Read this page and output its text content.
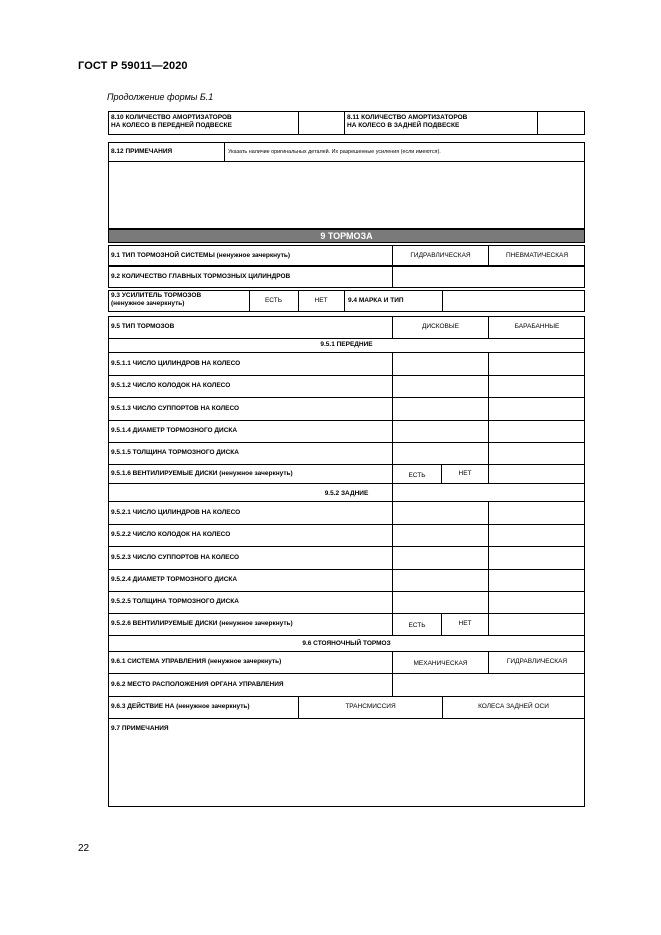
ГОСТ Р 59011—2020
Продолжение формы Б.1
8.10 КОЛИЧЕСТВО АМОРТИЗАТОРОВ
НА КОЛЕСО В ПЕРЕДНЕЙ ПОДВЕСКЕ
8.11 КОЛИЧЕСТВО АМОРТИЗАТОРОВ
НА КОЛЕСО В ЗАДНЕЙ ПОДВЕСКЕ
8.12 ПРИМЕЧАНИЯ	Указать наличие оригинальных деталей. Их разрешенные усиления (если имеются).
9 ТОРМОЗА
9.1 ТИП ТОРМОЗНОЙ СИСТЕМЫ (ненужное зачеркнуть)	ГИДРАВЛИЧЕСКАЯ	ПНЕВМАТИЧЕСКАЯ
9.2 КОЛИЧЕСТВО ГЛАВНЫХ ТОРМОЗНЫХ ЦИЛИНДРОВ
9.3 УСИЛИТЕЛЬ ТОРМОЗОВ
(ненужное зачеркнуть)	ЕСТЬ	НЕТ	9.4 МАРКА И ТИП
9.5 ТИП ТОРМОЗОВ	ДИСКОВЫЕ	БАРАБАННЫЕ
9.5.1 ПЕРЕДНИЕ
9.5.1.1 ЧИСЛО ЦИЛИНДРОВ НА КОЛЕСО
9.5.1.2 ЧИСЛО КОЛОДОК НА КОЛЕСО
9.5.1.3 ЧИСЛО СУППОРТОВ НА КОЛЕСО
9.5.1.4 ДИАМЕТР ТОРМОЗНОГО ДИСКА
9.5.1.5 ТОЛЩИНА ТОРМОЗНОГО ДИСКА
9.5.1.6 ВЕНТИЛИРУЕМЫЕ ДИСКИ (ненужное зачеркнуть)	ЕСТЬ	НЕТ
9.5.2 ЗАДНИЕ
9.5.2.1 ЧИСЛО ЦИЛИНДРОВ НА КОЛЕСО
9.5.2.2 ЧИСЛО КОЛОДОК НА КОЛЕСО
9.5.2.3 ЧИСЛО СУППОРТОВ НА КОЛЕСО
9.5.2.4 ДИАМЕТР ТОРМОЗНОГО ДИСКА
9.5.2.5 ТОЛЩИНА ТОРМОЗНОГО ДИСКА
9.5.2.6 ВЕНТИЛИРУЕМЫЕ ДИСКИ (ненужное зачеркнуть)	ЕСТЬ	НЕТ
9.6 СТОЯНОЧНЫЙ ТОРМОЗ
9.6.1 СИСТЕМА УПРАВЛЕНИЯ (ненужное зачеркнуть)	МЕХАНИЧЕСКАЯ	ГИДРАВЛИЧЕСКАЯ
9.6.2 МЕСТО РАСПОЛОЖЕНИЯ ОРГАНА УПРАВЛЕНИЯ
9.6.3 ДЕЙСТВИЕ НА (ненужное зачеркнуть)	ТРАНСМИССИЯ	КОЛЕСА ЗАДНЕЙ ОСИ
9.7 ПРИМЕЧАНИЯ
22
